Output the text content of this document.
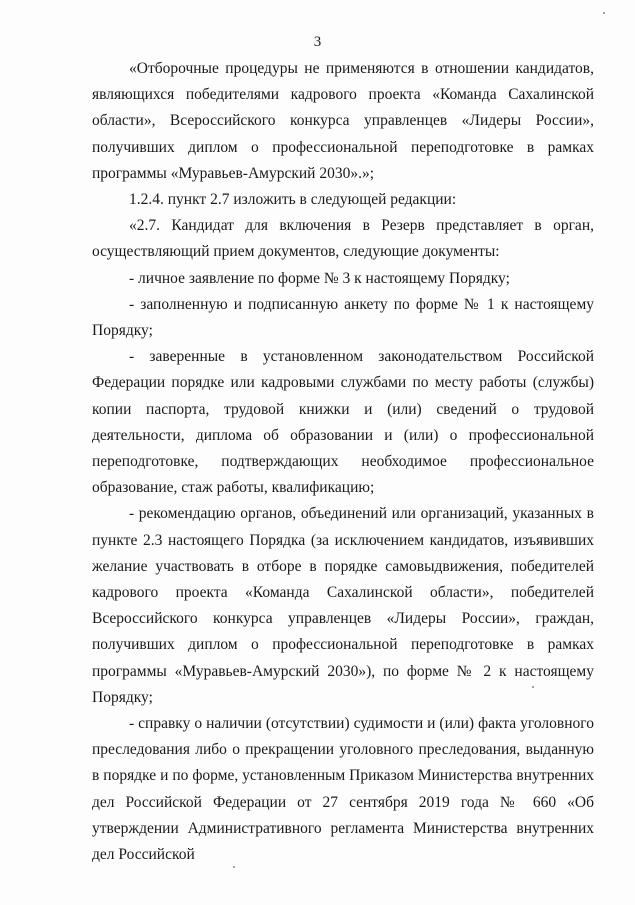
3

«Отборочные процедуры не применяются в отношении кандидатов, являющихся победителями кадрового проекта «Команда Сахалинской области», Всероссийского конкурса управленцев «Лидеры России», получивших диплом о профессиональной переподготовке в рамках программы «Муравьев-Амурский 2030».»;

1.2.4. пункт 2.7 изложить в следующей редакции:

«2.7. Кандидат для включения в Резерв представляет в орган, осуществляющий прием документов, следующие документы:

- личное заявление по форме № 3 к настоящему Порядку;

- заполненную и подписанную анкету по форме № 1 к настоящему Порядку;

- заверенные в установленном законодательством Российской Федерации порядке или кадровыми службами по месту работы (службы) копии паспорта, трудовой книжки и (или) сведений о трудовой деятельности, диплома об образовании и (или) о профессиональной переподготовке, подтверждающих необходимое профессиональное образование, стаж работы, квалификацию;

- рекомендацию органов, объединений или организаций, указанных в пункте 2.3 настоящего Порядка (за исключением кандидатов, изъявивших желание участвовать в отборе в порядке самовыдвижения, победителей кадрового проекта «Команда Сахалинской области», победителей Всероссийского конкурса управленцев «Лидеры России», граждан, получивших диплом о профессиональной переподготовке в рамках программы «Муравьев-Амурский 2030»), по форме № 2 к настоящему Порядку;

- справку о наличии (отсутствии) судимости и (или) факта уголовного преследования либо о прекращении уголовного преследования, выданную в порядке и по форме, установленным Приказом Министерства внутренних дел Российской Федерации от 27 сентября 2019 года № 660 «Об утверждении Административного регламента Министерства внутренних дел Российской
